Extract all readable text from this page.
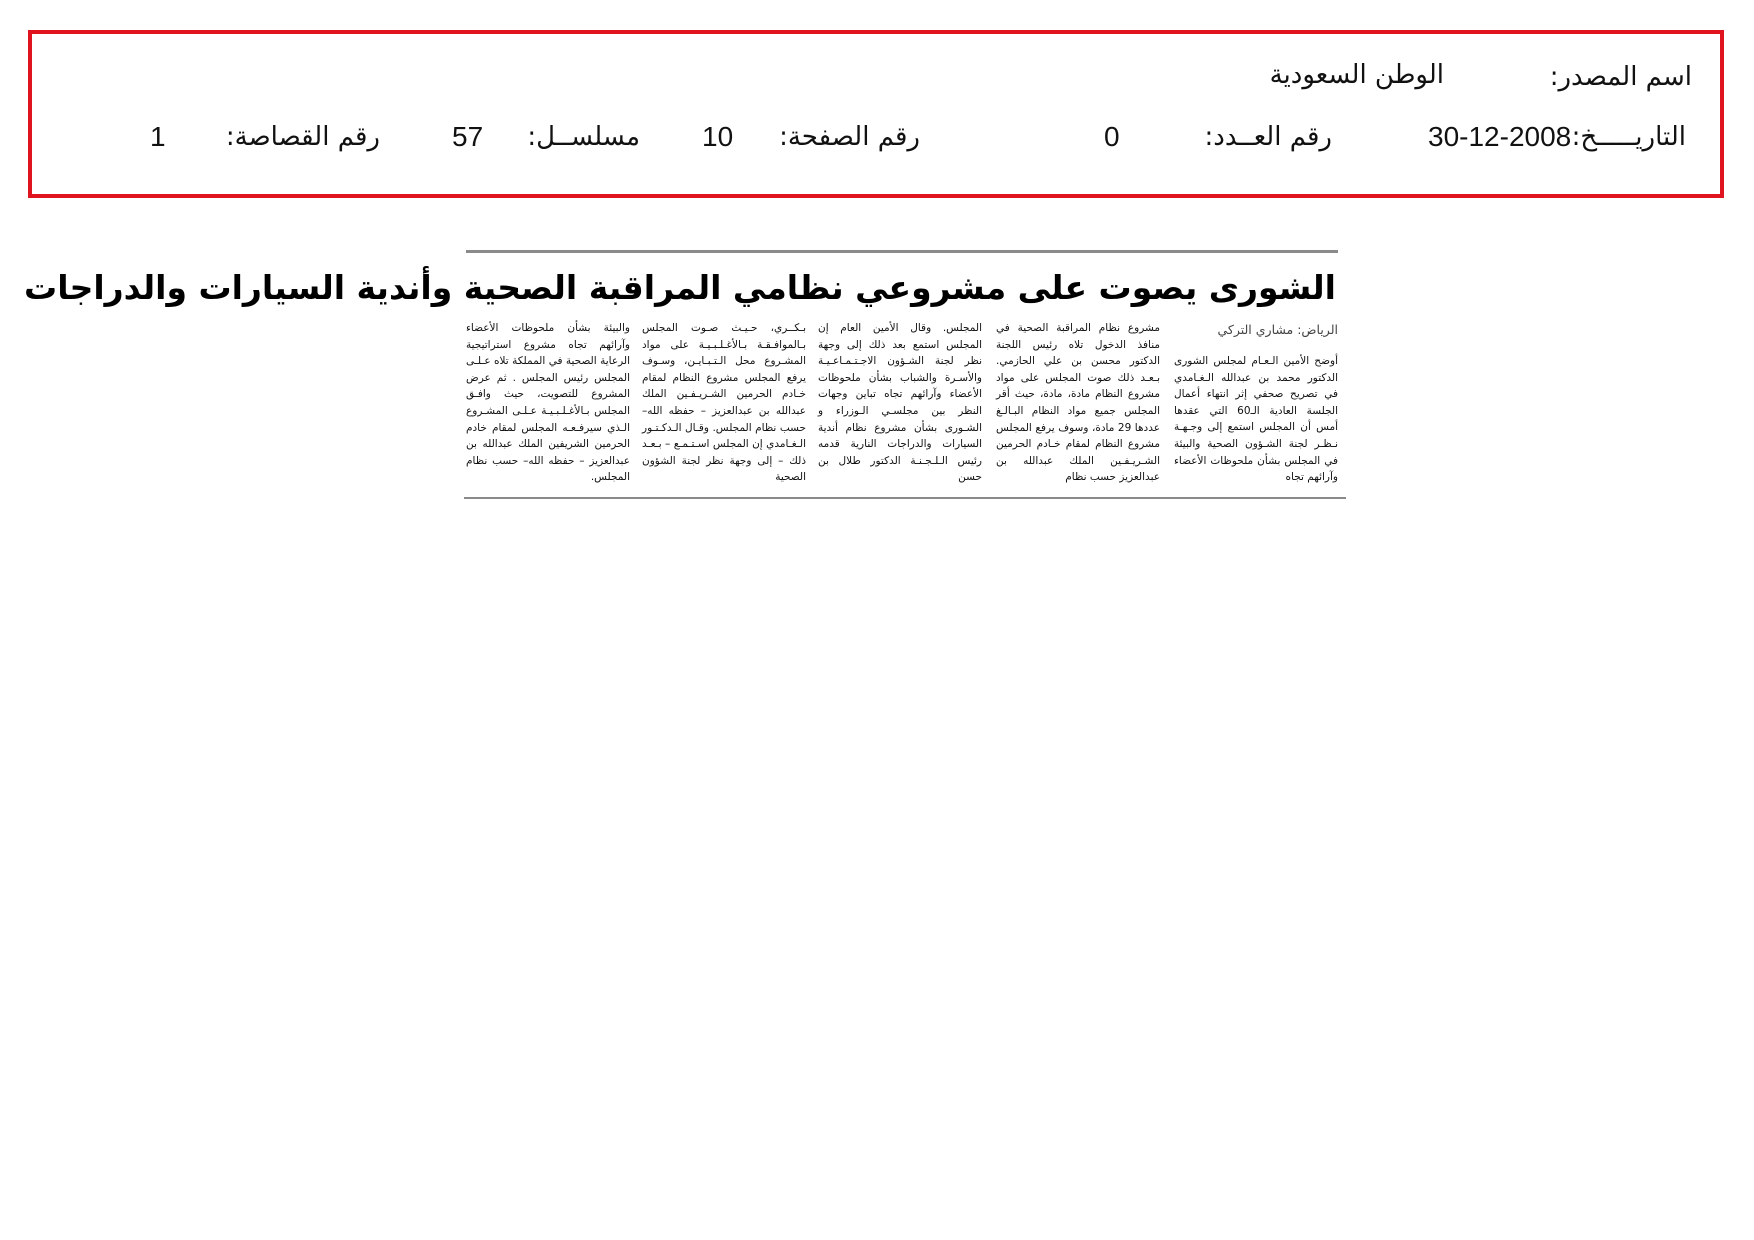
اسم المصدر:
الوطن السعودية
التاريـــــخ:
30-12-2008
رقم العــدد:
0
رقم الصفحة:
10
مسلســل:
57
رقم القصاصة:
1
الشورى يصوت على مشروعي نظامي المراقبة الصحية وأندية السيارات والدراجات
الرياض: مشاري التركي

أوضح الأمين الـعـام لمجلس الشورى الدكتور محمد بن عبدالله الـغـامدي في تصريح صحفي إثر انتهاء أعمال الجلسة العادية الـ60 التي عقدها أمس أن المجلس استمع إلى وجـهـة نـظـر لجنة الشـؤون الصحية والبيئة في المجلس بشأن ملحوظات الأعضاء وآرائهم تجاه

مشروع نظام المراقبة الصحية في منافذ الدخول تلاه رئيس اللجنة الدكتور محسن بن علي الحازمي. بـعـد ذلك صوت المجلس على مواد مشروع النظام مادة، مادة، حيث أقر المجلس جميع مواد النظام البـالـغ عددها 29 مادة، وسوف يرفع المجلس مشروع النظام لمقام خـادم الحرمين الشـريـفـين الملك عبدالله بن عبدالعزيز حسب نظام

المجلس. وقال الأمين العام إن المجلس استمع بعد ذلك إلى وجهة نظر لجنة الشـؤون الاجـتـمـاعـيـة والأسـرة والشباب بشأن ملحوظات الأعضاء وآرائهم تجاه تباين وجهات النظر بين مجلسـي الـوزراء و الشـورى بشأن مشروع نظام أندية السيارات والدراجات النارية قدمه رئيس الـلـجـنـة الدكتور طلال بن حسن

بـكــري، حـيـث صـوت المجلس بـالموافـقـة بـالأغـلـبـيـة على مواد المشـروع محل الـتـبـايـن، وسـوف يرفع المجلس مشروع النظام لمقام خـادم الحرمين الشـريـفـين الملك عبدالله بن عبدالعزيز – حفظه الله– حسب نظام المجلس. وقـال الـدكـتـور الـغـامدي إن المجلس اسـتـمـع – بـعـد ذلك – إلى وجهة نظر لجنة الشؤون الصحية

والبيئة بشأن ملحوظات الأعضاء وآرائهم تجاه مشروع استراتيجية الرعاية الصحية في المملكة تلاه عـلـى المجلس رئيس المجلس . ثم عرض المشروع للتصويت، حيث وافـق المجلس بـالأغـلـبـيـة عـلـى المشـروع الـذي سيرفـعـه المجلس لمقام خادم الحرمين الشريفين الملك عبدالله بن عبدالعزيز – حفظه الله– حسب نظام المجلس.
